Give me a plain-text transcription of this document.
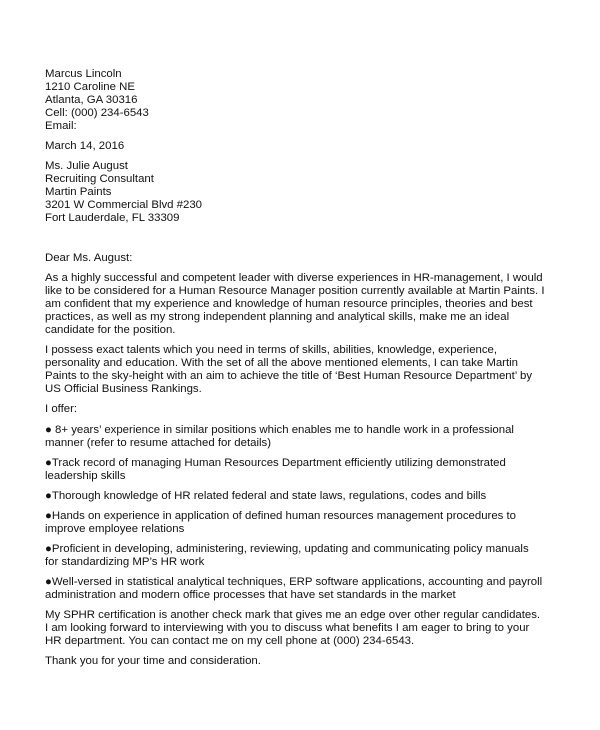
Marcus Lincoln
1210 Caroline NE
Atlanta, GA 30316
Cell: (000) 234-6543
Email:
March 14, 2016
Ms. Julie August
Recruiting Consultant
Martin Paints
3201 W Commercial Blvd #230
Fort Lauderdale, FL 33309
Dear Ms. August:
As a highly successful and competent leader with diverse experiences in HR-management, I would
like to be considered for a Human Resource Manager position currently available at Martin Paints. I
am confident that my experience and knowledge of human resource principles, theories and best
practices, as well as my strong independent planning and analytical skills, make me an ideal
candidate for the position.
I possess exact talents which you need in terms of skills, abilities, knowledge, experience,
personality and education. With the set of all the above mentioned elements, I can take Martin
Paints to the sky-height with an aim to achieve the title of ‘Best Human Resource Department’ by
US Official Business Rankings.
I offer:
● 8+ years’ experience in similar positions which enables me to handle work in a professional
manner (refer to resume attached for details)
●Track record of managing Human Resources Department efficiently utilizing demonstrated
leadership skills
●Thorough knowledge of HR related federal and state laws, regulations, codes and bills
●Hands on experience in application of defined human resources management procedures to
improve employee relations
●Proficient in developing, administering, reviewing, updating and communicating policy manuals
for standardizing MP’s HR work
●Well-versed in statistical analytical techniques, ERP software applications, accounting and payroll
administration and modern office processes that have set standards in the market
My SPHR certification is another check mark that gives me an edge over other regular candidates.
I am looking forward to interviewing with you to discuss what benefits I am eager to bring to your
HR department. You can contact me on my cell phone at (000) 234-6543.
Thank you for your time and consideration.
